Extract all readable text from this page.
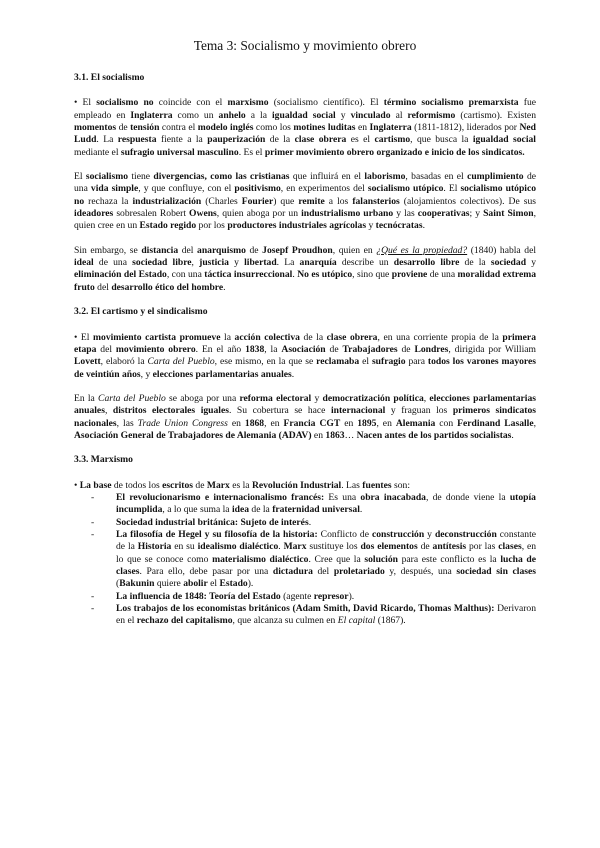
Tema 3: Socialismo y movimiento obrero
3.1. El socialismo
• El socialismo no coincide con el marxismo (socialismo científico). El término socialismo premarxista fue empleado en Inglaterra como un anhelo a la igualdad social y vinculado al reformismo (cartismo). Existen momentos de tensión contra el modelo inglés como los motines luditas en Inglaterra (1811-1812), liderados por Ned Ludd. La respuesta fiente a la pauperización de la clase obrera es el cartismo, que busca la igualdad social mediante el sufragio universal masculino. Es el primer movimiento obrero organizado e inicio de los sindicatos.
El socialismo tiene divergencias, como las cristianas que influirá en el laborismo, basadas en el cumplimiento de una vida simple, y que confluye, con el positivismo, en experimentos del socialismo utópico. El socialismo utópico no rechaza la industrialización (Charles Fourier) que remite a los falansterios (alojamientos colectivos). De sus ideadores sobresalen Robert Owens, quien aboga por un industrialismo urbano y las cooperativas; y Saint Simon, quien cree en un Estado regido por los productores industriales agrícolas y tecnócratas.
Sin embargo, se distancia del anarquismo de Josepf Proudhon, quien en ¿Qué es la propiedad? (1840) habla del ideal de una sociedad libre, justicia y libertad. La anarquía describe un desarrollo libre de la sociedad y eliminación del Estado, con una táctica insurreccional. No es utópico, sino que proviene de una moralidad extrema fruto del desarrollo ético del hombre.
3.2. El cartismo y el sindicalismo
• El movimiento cartista promueve la acción colectiva de la clase obrera, en una corriente propia de la primera etapa del movimiento obrero. En el año 1838, la Asociación de Trabajadores de Londres, dirigida por William Lovett, elaboró la Carta del Pueblo, ese mismo, en la que se reclamaba el sufragio para todos los varones mayores de veintiún años, y elecciones parlamentarias anuales.
En la Carta del Pueblo se aboga por una reforma electoral y democratización política, elecciones parlamentarias anuales, distritos electorales iguales. Su cobertura se hace internacional y fraguan los primeros sindicatos nacionales, las Trade Union Congress en 1868, en Francia CGT en 1895, en Alemania con Ferdinand Lasalle, Asociación General de Trabajadores de Alemania (ADAV) en 1863… Nacen antes de los partidos socialistas.
3.3. Marxismo
• La base de todos los escritos de Marx es la Revolución Industrial. Las fuentes son:
- El revolucionarismo e internacionalismo francés: Es una obra inacabada, de donde viene la utopía incumplida, a lo que suma la idea de la fraternidad universal.
- Sociedad industrial británica: Sujeto de interés.
- La filosofía de Hegel y su filosofía de la historia: Conflicto de construcción y deconstrucción constante de la Historia en su idealismo dialéctico. Marx sustituye los dos elementos de antítesis por las clases, en lo que se conoce como materialismo dialéctico. Cree que la solución para este conflicto es la lucha de clases. Para ello, debe pasar por una dictadura del proletariado y, después, una sociedad sin clases (Bakunin quiere abolir el Estado).
- La influencia de 1848: Teoría del Estado (agente represor).
- Los trabajos de los economistas británicos (Adam Smith, David Ricardo, Thomas Malthus): Derivaron en el rechazo del capitalismo, que alcanza su culmen en El capital (1867).
